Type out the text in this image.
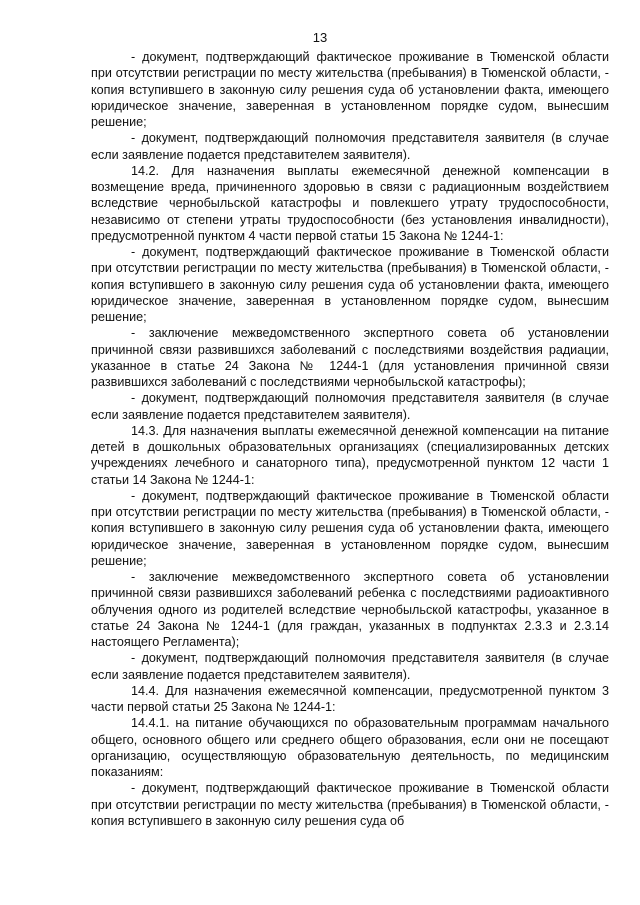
13

- документ, подтверждающий фактическое проживание в Тюменской области при отсутствии регистрации по месту жительства (пребывания) в Тюменской области, - копия вступившего в законную силу решения суда об установлении факта, имеющего юридическое значение, заверенная в установленном порядке судом, вынесшим решение;

- документ, подтверждающий полномочия представителя заявителя (в случае если заявление подается представителем заявителя).

14.2. Для назначения выплаты ежемесячной денежной компенсации в возмещение вреда, причиненного здоровью в связи с радиационным воздействием вследствие чернобыльской катастрофы и повлекшего утрату трудоспособности, независимо от степени утраты трудоспособности (без установления инвалидности), предусмотренной пунктом 4 части первой статьи 15 Закона № 1244-1:

- документ, подтверждающий фактическое проживание в Тюменской области при отсутствии регистрации по месту жительства (пребывания) в Тюменской области, - копия вступившего в законную силу решения суда об установлении факта, имеющего юридическое значение, заверенная в установленном порядке судом, вынесшим решение;

- заключение межведомственного экспертного совета об установлении причинной связи развившихся заболеваний с последствиями воздействия радиации, указанное в статье 24 Закона № 1244-1 (для установления причинной связи развившихся заболеваний с последствиями чернобыльской катастрофы);

- документ, подтверждающий полномочия представителя заявителя (в случае если заявление подается представителем заявителя).

14.3. Для назначения выплаты ежемесячной денежной компенсации на питание детей в дошкольных образовательных организациях (специализированных детских учреждениях лечебного и санаторного типа), предусмотренной пунктом 12 части 1 статьи 14 Закона № 1244-1:

- документ, подтверждающий фактическое проживание в Тюменской области при отсутствии регистрации по месту жительства (пребывания) в Тюменской области, - копия вступившего в законную силу решения суда об установлении факта, имеющего юридическое значение, заверенная в установленном порядке судом, вынесшим решение;

- заключение межведомственного экспертного совета об установлении причинной связи развившихся заболеваний ребенка с последствиями радиоактивного облучения одного из родителей вследствие чернобыльской катастрофы, указанное в статье 24 Закона № 1244-1 (для граждан, указанных в подпунктах 2.3.3 и 2.3.14 настоящего Регламента);

- документ, подтверждающий полномочия представителя заявителя (в случае если заявление подается представителем заявителя).

14.4. Для назначения ежемесячной компенсации, предусмотренной пунктом 3 части первой статьи 25 Закона № 1244-1:

14.4.1. на питание обучающихся по образовательным программам начального общего, основного общего или среднего общего образования, если они не посещают организацию, осуществляющую образовательную деятельность, по медицинским показаниям:

- документ, подтверждающий фактическое проживание в Тюменской области при отсутствии регистрации по месту жительства (пребывания) в Тюменской области, - копия вступившего в законную силу решения суда об
